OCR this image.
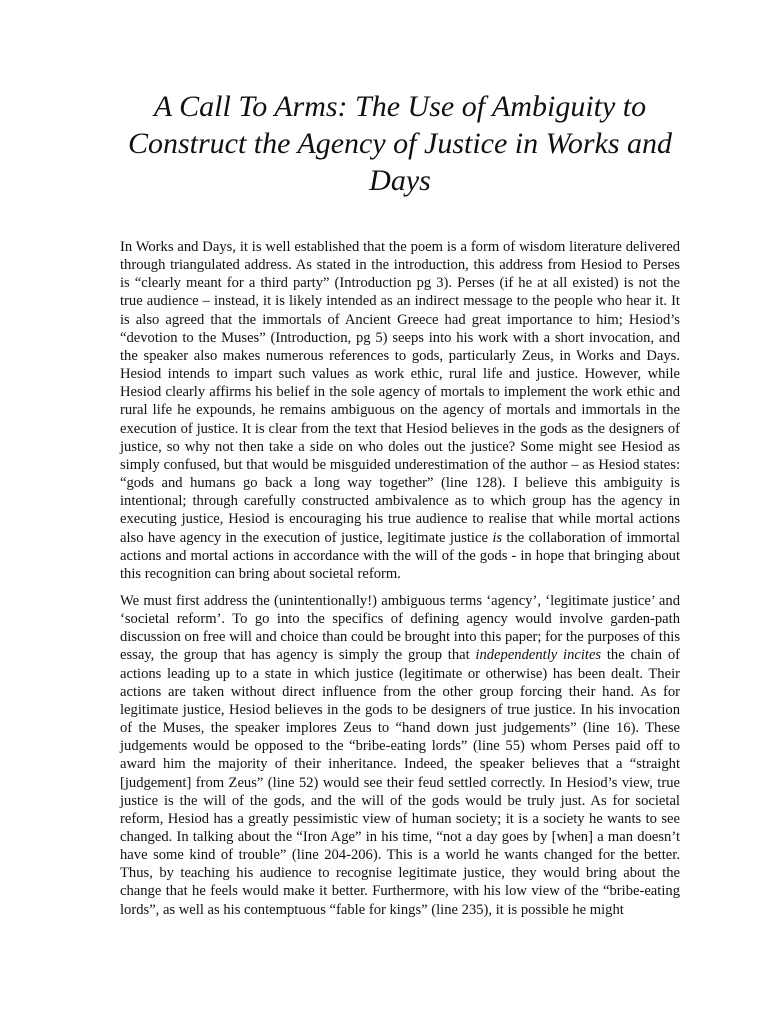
A Call To Arms: The Use of Ambiguity to Construct the Agency of Justice in Works and Days

In Works and Days, it is well established that the poem is a form of wisdom literature delivered through triangulated address. As stated in the introduction, this address from Hesiod to Perses is “clearly meant for a third party” (Introduction pg 3). Perses (if he at all existed) is not the true audience – instead, it is likely intended as an indirect message to the people who hear it. It is also agreed that the immortals of Ancient Greece had great importance to him; Hesiod’s “devotion to the Muses” (Introduction, pg 5) seeps into his work with a short invocation, and the speaker also makes numerous references to gods, particularly Zeus, in Works and Days. Hesiod intends to impart such values as work ethic, rural life and justice. However, while Hesiod clearly affirms his belief in the sole agency of mortals to implement the work ethic and rural life he expounds, he remains ambiguous on the agency of mortals and immortals in the execution of justice. It is clear from the text that Hesiod believes in the gods as the designers of justice, so why not then take a side on who doles out the justice? Some might see Hesiod as simply confused, but that would be misguided underestimation of the author – as Hesiod states: “gods and humans go back a long way together” (line 128). I believe this ambiguity is intentional; through carefully constructed ambivalence as to which group has the agency in executing justice, Hesiod is encouraging his true audience to realise that while mortal actions also have agency in the execution of justice, legitimate justice is the collaboration of immortal actions and mortal actions in accordance with the will of the gods - in hope that bringing about this recognition can bring about societal reform.

We must first address the (unintentionally!) ambiguous terms ‘agency’, ‘legitimate justice’ and ‘societal reform’. To go into the specifics of defining agency would involve garden-path discussion on free will and choice than could be brought into this paper; for the purposes of this essay, the group that has agency is simply the group that independently incites the chain of actions leading up to a state in which justice (legitimate or otherwise) has been dealt. Their actions are taken without direct influence from the other group forcing their hand. As for legitimate justice, Hesiod believes in the gods to be designers of true justice. In his invocation of the Muses, the speaker implores Zeus to “hand down just judgements” (line 16). These judgements would be opposed to the “bribe-eating lords” (line 55) whom Perses paid off to award him the majority of their inheritance. Indeed, the speaker believes that a “straight [judgement] from Zeus” (line 52) would see their feud settled correctly. In Hesiod’s view, true justice is the will of the gods, and the will of the gods would be truly just. As for societal reform, Hesiod has a greatly pessimistic view of human society; it is a society he wants to see changed. In talking about the “Iron Age” in his time, “not a day goes by [when] a man doesn’t have some kind of trouble” (line 204-206). This is a world he wants changed for the better. Thus, by teaching his audience to recognise legitimate justice, they would bring about the change that he feels would make it better. Furthermore, with his low view of the “bribe-eating lords”, as well as his contemptuous “fable for kings” (line 235), it is possible he might
